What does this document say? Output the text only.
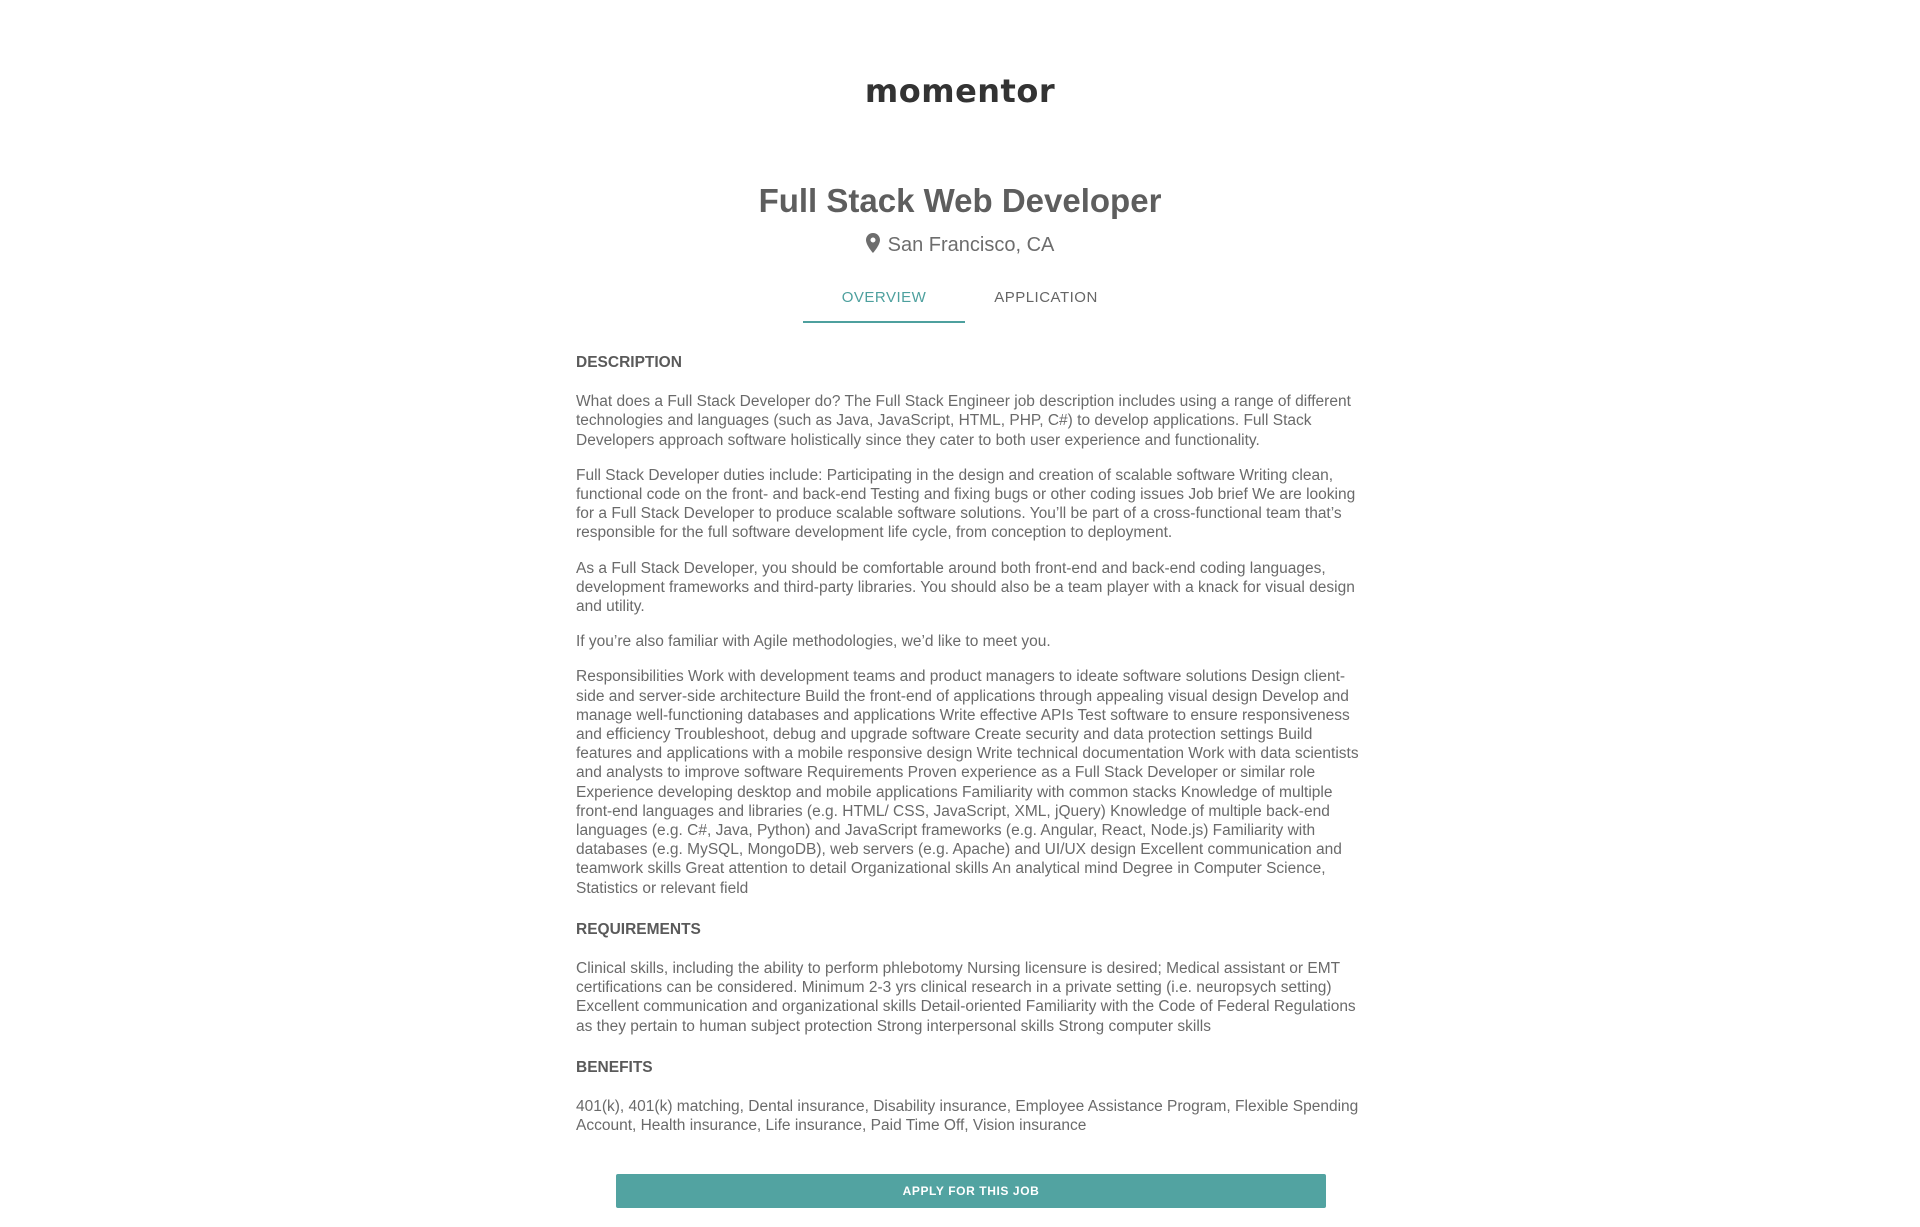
momentor
Full Stack Web Developer
San Francisco, CA
OVERVIEW	APPLICATION
DESCRIPTION

What does a Full Stack Developer do? The Full Stack Engineer job description includes using a range of different technologies and languages (such as Java, JavaScript, HTML, PHP, C#) to develop applications. Full Stack Developers approach software holistically since they cater to both user experience and functionality.

Full Stack Developer duties include: Participating in the design and creation of scalable software Writing clean, functional code on the front- and back-end Testing and fixing bugs or other coding issues Job brief We are looking for a Full Stack Developer to produce scalable software solutions. You’ll be part of a cross-functional team that’s responsible for the full software development life cycle, from conception to deployment.

As a Full Stack Developer, you should be comfortable around both front-end and back-end coding languages, development frameworks and third-party libraries. You should also be a team player with a knack for visual design and utility.

If you’re also familiar with Agile methodologies, we’d like to meet you.

Responsibilities Work with development teams and product managers to ideate software solutions Design client-side and server-side architecture Build the front-end of applications through appealing visual design Develop and manage well-functioning databases and applications Write effective APIs Test software to ensure responsiveness and efficiency Troubleshoot, debug and upgrade software Create security and data protection settings Build features and applications with a mobile responsive design Write technical documentation Work with data scientists and analysts to improve software Requirements Proven experience as a Full Stack Developer or similar role Experience developing desktop and mobile applications Familiarity with common stacks Knowledge of multiple front-end languages and libraries (e.g. HTML/ CSS, JavaScript, XML, jQuery) Knowledge of multiple back-end languages (e.g. C#, Java, Python) and JavaScript frameworks (e.g. Angular, React, Node.js) Familiarity with databases (e.g. MySQL, MongoDB), web servers (e.g. Apache) and UI/UX design Excellent communication and teamwork skills Great attention to detail Organizational skills An analytical mind Degree in Computer Science, Statistics or relevant field

REQUIREMENTS

Clinical skills, including the ability to perform phlebotomy Nursing licensure is desired; Medical assistant or EMT certifications can be considered. Minimum 2-3 yrs clinical research in a private setting (i.e. neuropsych setting) Excellent communication and organizational skills Detail-oriented Familiarity with the Code of Federal Regulations as they pertain to human subject protection Strong interpersonal skills Strong computer skills

BENEFITS

401(k), 401(k) matching, Dental insurance, Disability insurance, Employee Assistance Program, Flexible Spending Account, Health insurance, Life insurance, Paid Time Off, Vision insurance

APPLY FOR THIS JOB
